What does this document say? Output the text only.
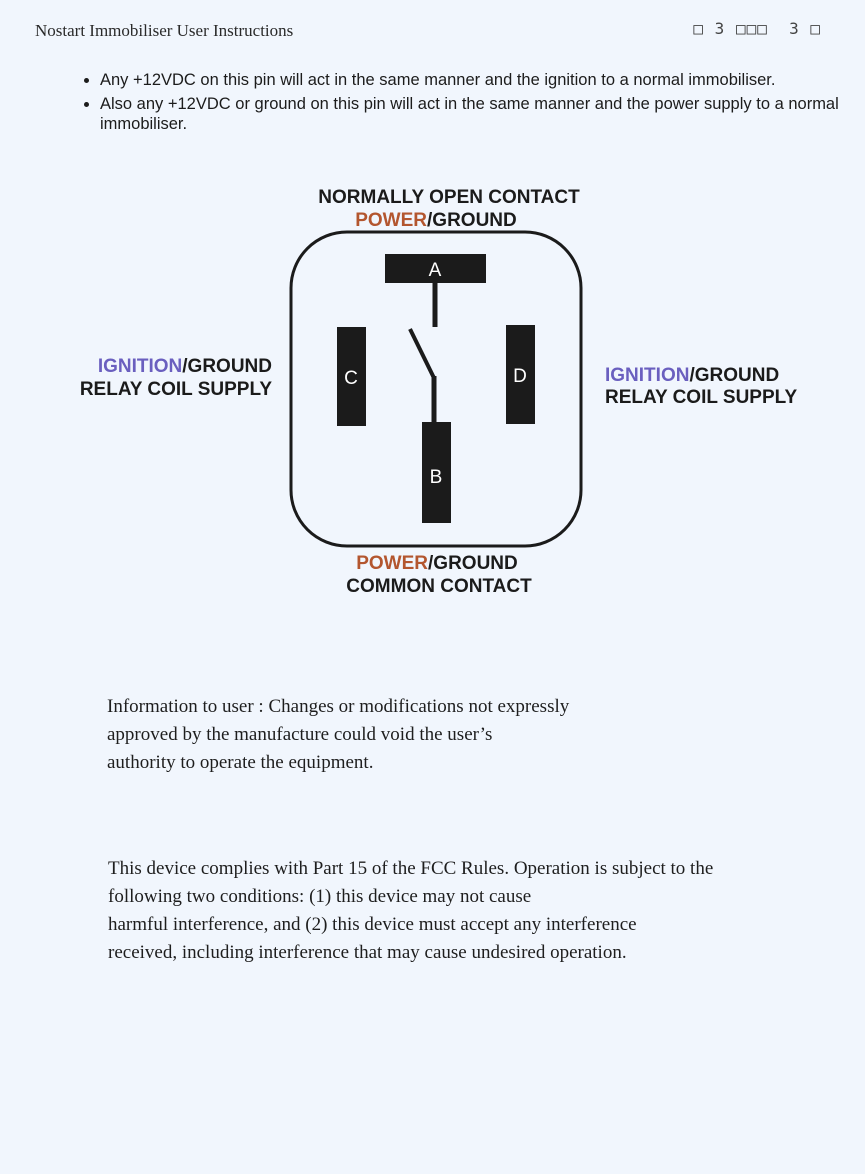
Nostart Immobiliser User Instructions	□ 3 □□□  3 □
• Any +12VDC on this pin will act in the same manner and the ignition to a normal immobiliser.
• Also any +12VDC or ground on this pin will act in the same manner and the power supply to a normal immobiliser.
NORMALLY OPEN CONTACT
POWER/GROUND
A
B
C	D
IGNITION/GROUND
RELAY COIL SUPPLY
IGNITION/GROUND
RELAY COIL SUPPLY
POWER/GROUND
COMMON CONTACT

Information to user : Changes or modifications not expressly
approved by the manufacture could void the user’s
authority to operate the equipment.

This device complies with Part 15 of the FCC Rules. Operation is subject to the
following two conditions: (1) this device may not cause
harmful interference, and (2) this device must accept any interference
received, including interference that may cause undesired operation.
